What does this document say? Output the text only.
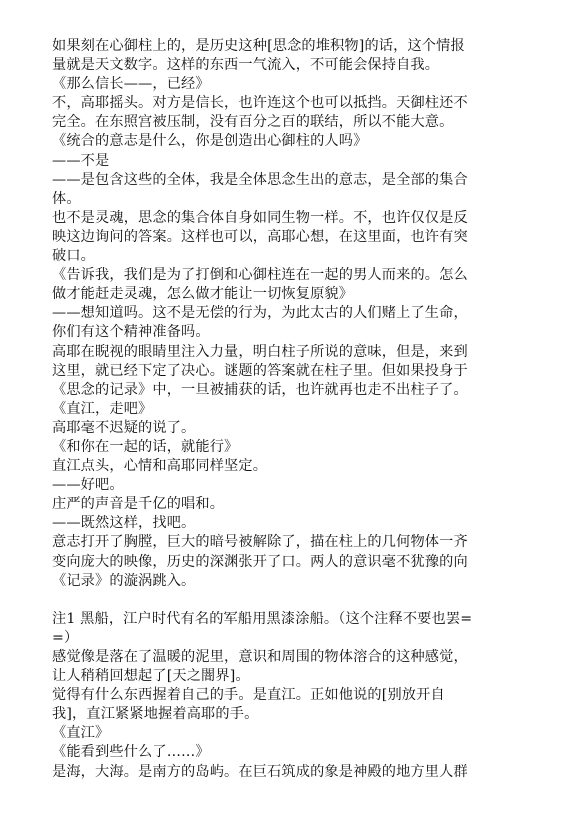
如果刻在心御柱上的，是历史这种[思念的堆积物]的话，这个情报
量就是天文数字。这样的东西一气流入，不可能会保持自我。
《那么信长——，已经》
不，高耶摇头。对方是信长，也许连这个也可以抵挡。天御柱还不
完全。在东照宫被压制，没有百分之百的联结，所以不能大意。
《统合的意志是什么，你是创造出心御柱的人吗》
——不是
——是包含这些的全体，我是全体思念生出的意志，是全部的集合
体。
也不是灵魂，思念的集合体自身如同生物一样。不，也许仅仅是反
映这边询问的答案。这样也可以，高耶心想，在这里面，也许有突
破口。
《告诉我，我们是为了打倒和心御柱连在一起的男人而来的。怎么
做才能赶走灵魂，怎么做才能让一切恢复原貌》
——想知道吗。这不是无偿的行为，为此太古的人们赌上了生命，
你们有这个精神准备吗。
高耶在睨视的眼睛里注入力量，明白柱子所说的意味，但是，来到
这里，就已经下定了决心。谜题的答案就在柱子里。但如果投身于
《思念的记录》中，一旦被捕获的话，也许就再也走不出柱子了。
《直江，走吧》
高耶毫不迟疑的说了。
《和你在一起的话，就能行》
直江点头，心情和高耶同样坚定。
——好吧。
庄严的声音是千亿的唱和。
——既然这样，找吧。
意志打开了胸膛，巨大的暗号被解除了，描在柱上的几何物体一齐
变向庞大的映像，历史的深渊张开了口。两人的意识毫不犹豫的向
《记录》的漩涡跳入。
注1 黑船，江户时代有名的军船用黑漆涂船。（这个注释不要也罢=
=）
感觉像是落在了温暖的泥里，意识和周围的物体溶合的这种感觉，
让人稍稍回想起了[天之闇界]。
觉得有什么东西握着自己的手。是直江。正如他说的[别放开自
我]，直江紧紧地握着高耶的手。
《直江》
《能看到些什么了……》
是海，大海。是南方的岛屿。在巨石筑成的象是神殿的地方里人群
